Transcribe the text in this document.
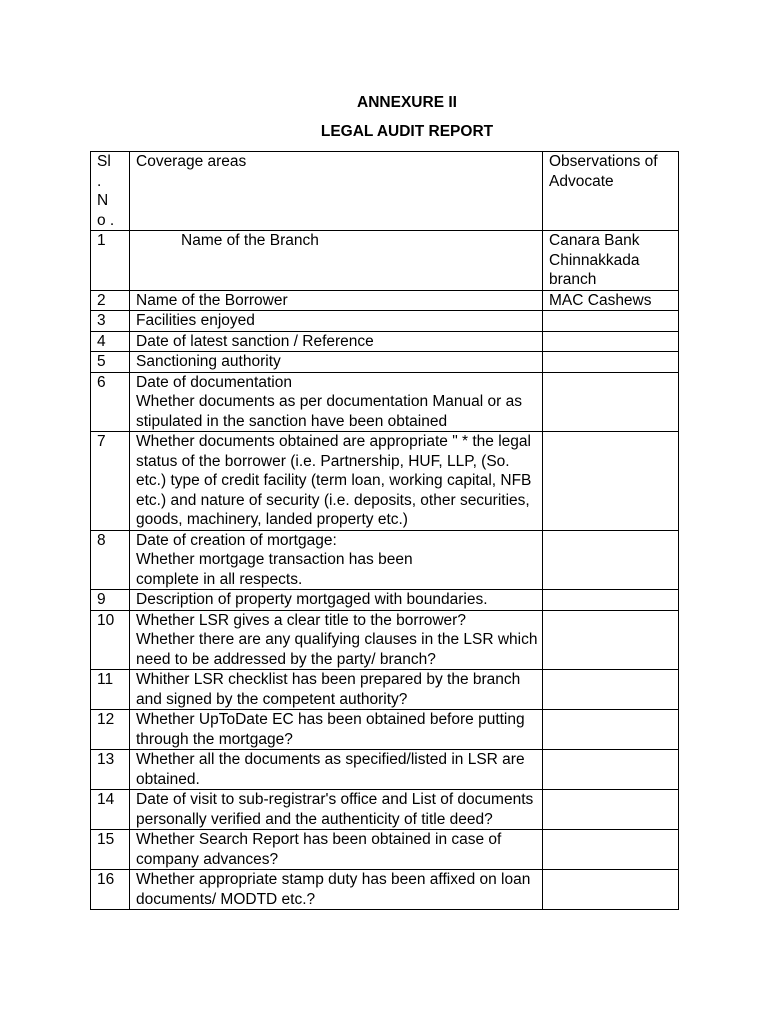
ANNEXURE II
LEGAL AUDIT REPORT
Sl. No .	Coverage areas	Observations of Advocate
1	Name of the Branch	Canara Bank Chinnakkada branch
2	Name of the Borrower	MAC Cashews
3	Facilities enjoyed	
4	Date of latest sanction / Reference	
5	Sanctioning authority	
6	Date of documentation
Whether documents as per documentation Manual or as stipulated in the sanction have been obtained	
7	Whether documents obtained are appropriate " * the legal status of the borrower (i.e. Partnership, HUF, LLP, (So. etc.) type of credit facility (term loan, working capital, NFB etc.) and nature of security (i.e. deposits, other securities, goods, machinery, landed property etc.)	
8	Date of creation of mortgage:
Whether mortgage transaction has been
complete in all respects.	
9	Description of property mortgaged with boundaries.	
10	Whether LSR gives a clear title to the borrower?
Whether there are any qualifying clauses in the LSR which need to be addressed by the party/ branch?	
11	Whither LSR checklist has been prepared by the branch and signed by the competent authority?	
12	Whether UpToDate EC has been obtained before putting through the mortgage?	
13	Whether all the documents as specified/listed in LSR are obtained.	
14	Date of visit to sub-registrar's office and List of documents personally verified and the authenticity of title deed?	
15	Whether Search Report has been obtained in case of company advances?	
16	Whether appropriate stamp duty has been affixed on loan documents/ MODTD etc.?	
